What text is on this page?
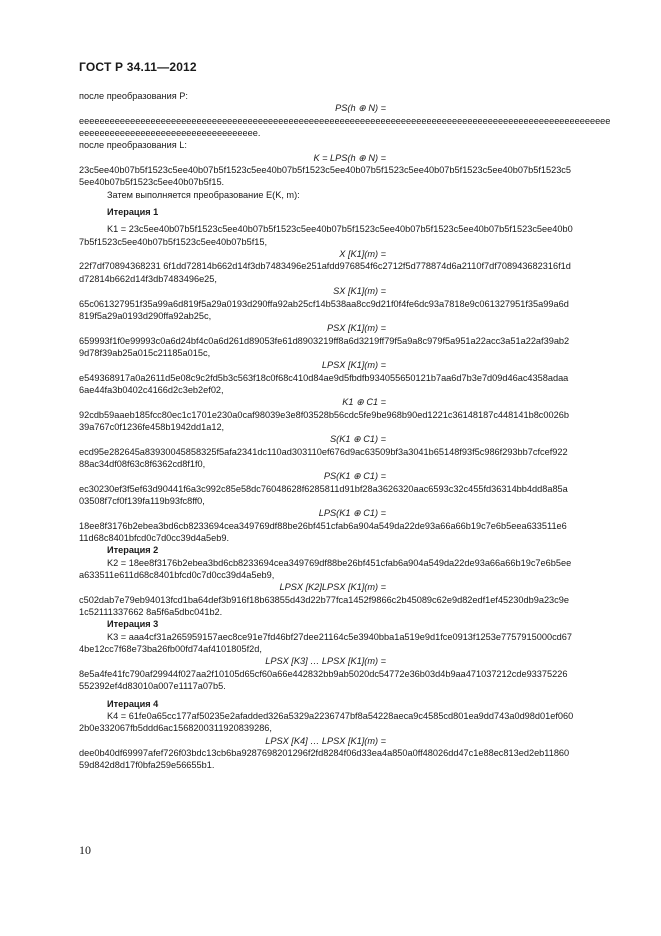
ГОСТ Р 34.11—2012
после преобразования P:
PS(h ⊕ N) =
eeeeeeeeeeeeeeeeeeeeeeeeeeeeeeeeeeeeeeeeeeeeeeeeeeeeeeeeeeeeeeeeeeeeeeeeeeeeeeeeeeeeeeeeeeeeeeeeeeeeeeee
eeeeeeeeeeeeeeeeeeeeeeeeeeeeeeeeeee.
после преобразования L:
K = LPS(h ⊕ N) =
23c5ee40b07b5f1523c5ee40b07b5f1523c5ee40b07b5f1523c5ee40b07b5f1523c5ee40b07b5f1523c5ee40b07b5f1523c5
5ee40b07b5f1523c5ee40b07b5f15.
Затем выполняется преобразование E(K, m):
Итерация 1
K1 = 23c5ee40b07b5f1523c5ee40b07b5f1523c5ee40b07b5f1523c5ee40b07b5f1523c5ee40b07b5f1523c5ee40b0
7b5f1523c5ee40b07b5f1523c5ee40b07b5f15,
X [K1](m) =
22f7df70894368231 6f1dd72814b662d14f3db7483496e251afdd976854f6c2712f5d778874d6a2110f7df708943682316f1d
d72814b662d14f3db7483496e25,
SX [K1](m) =
65c061327951f35a99a6d819f5a29a0193d290ffa92ab25cf14b538aa8cc9d21f0f4fe6dc93a7818e9c061327951f35a99a6d
819f5a29a0193d290ffa92ab25c,
PSX [K1](m) =
659993f1f0e99993c0a6d24bf4c0a6d261d89053fe61d8903219ff8a6d3219ff79f5a9a8c979f5a951a22acc3a51a22af39ab2
9d78f39ab25a015c21185a015c,
LPSX [K1](m) =
e549368917a0a2611d5e08c9c2fd5b3c563f18c0f68c410d84ae9d5fbdfb934055650121b7aa6d7b3e7d09d46ac4358adaa
6ae44fa3b0402c4166d2c3eb2ef02,
K1 ⊕ C1 =
92cdb59aaeb185fcc80ec1c1701e230a0caf98039e3e8f03528b56cdc5fe9be968b90ed1221c36148187c448141b8c0026b
39a767c0f1236fe458b1942dd1a12,
S(K1 ⊕ C1) =
ecd95e282645a83930045858325f5afa2341dc110ad303110ef676d9ac63509bf3a3041b65148f93f5c986f293bb7cfcef922
88ac34df08f63c8f6362cd8f1f0,
PS(K1 ⊕ C1) =
ec30230ef3f5ef63d90441f6a3c992c85e58dc76048628f6285811d91bf28a3626320aac6593c32c455fd36314bb4dd8a85a
03508f7cf0f139fa119b93fc8ff0,
LPS(K1 ⊕ C1) =
18ee8f3176b2ebea3bd6cb8233694cea349769df88be26bf451cfab6a904a549da22de93a66a66b19c7e6b5eea633511e6
11d68c8401bfcd0c7d0cc39d4a5eb9.
Итерация 2
K2 = 18ee8f3176b2ebea3bd6cb8233694cea349769df88be26bf451cfab6a904a549da22de93a66a66b19c7e6b5ee
a633511e611d68c8401bfcd0c7d0cc39d4a5eb9,
LPSX [K2]LPSX [K1](m) =
c502dab7e79eb94013fcd1ba64def3b916f18b63855d43d22b77fca1452f9866c2b45089c62e9d82edf1ef45230db9a23c9e
1c52111337662 8a5f6a5dbc041b2.
Итерация 3
K3 = aaa4cf31a265959157aec8ce91e7fd46bf27dee21164c5e3940bba1a519e9d1fce0913f1253e7757915000cd67
4be12cc7f68e73ba26fb00fd74af4101805f2d,
LPSX [K3] … LPSX [K1](m) =
8e5a4fe41fc790af29944f027aa2f10105d65cf60a66e442832bb9ab5020dc54772e36b03d4b9aa471037212cde93375226
552392ef4d83010a007e1117a07b5.
Итерация 4
K4 = 61fe0a65cc177af50235e2afadded326a5329a2236747bf8a54228aeca9c4585cd801ea9dd743a0d98d01ef060
2b0e332067fb5ddd6ac1568200311920839286,
LPSX [K4] … LPSX [K1](m) =
dee0b40df69997afef726f03bdc13cb6ba9287698201296f2fd8284f06d33ea4a850a0ff48026dd47c1e88ec813ed2eb11860
59d842d8d17f0bfa259e56655b1.
10
